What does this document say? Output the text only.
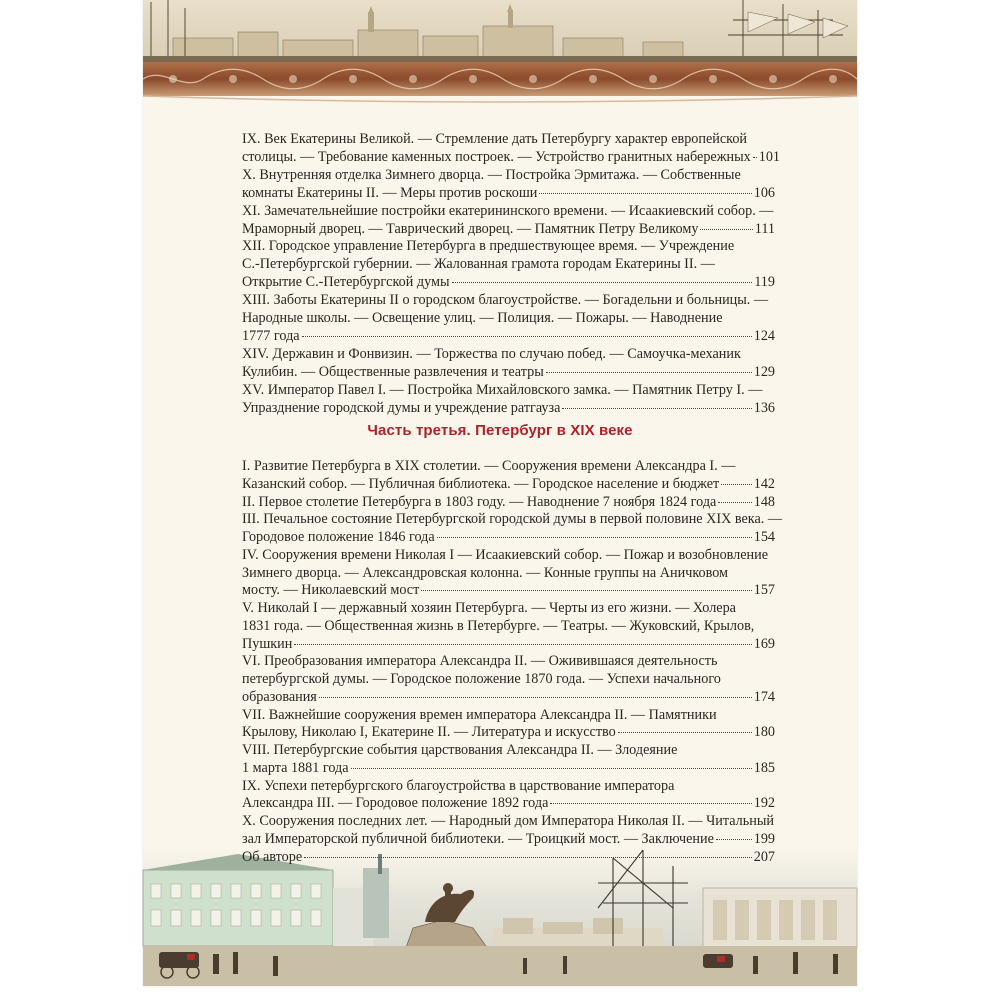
IX. Век Екатерины Великой. — Стремление дать Петербургу характер европейской
столицы. — Требование каменных построек. — Устройство гранитных набережных 101
X. Внутренняя отделка Зимнего дворца. — Постройка Эрмитажа. — Собственные
комнаты Екатерины II. — Меры против роскоши	106
XI. Замечательнейшие постройки екатерининского времени. — Исаакиевский собор. —
Мраморный дворец. — Таврический дворец. — Памятник Петру Великому	111
XII. Городское управление Петербурга в предшествующее время. — Учреждение
С.-Петербургской губернии. — Жалованная грамота городам Екатерины II. —
Открытие С.-Петербургской думы	119
XIII. Заботы Екатерины II о городском благоустройстве. — Богадельни и больницы. —
Народные школы. — Освещение улиц. — Полиция. — Пожары. — Наводнение
1777 года	124
XIV. Державин и Фонвизин. — Торжества по случаю побед. — Самоучка-механик
Кулибин. — Общественные развлечения и театры	129
XV. Император Павел I. — Постройка Михайловского замка. — Памятник Петру I. —
Упразднение городской думы и учреждение ратгауза	136
I. Развитие Петербурга в XIX столетии. — Сооружения времени Александра I. —
Казанский собор. — Публичная библиотека. — Городское население и бюджет 142
II. Первое столетие Петербурга в 1803 году. — Наводнение 7 ноября 1824 года	148
III. Печальное состояние Петербургской городской думы в первой половине XIX века. —
Городовое положение 1846 года	154
IV. Сооружения времени Николая I — Исаакиевский собор. — Пожар и возобновление
Зимнего дворца. — Александровская колонна. — Конные группы на Аничковом
мосту. — Николаевский мост	157
V. Николай I — державный хозяин Петербурга. — Черты из его жизни. — Холера
1831 года. — Общественная жизнь в Петербурге. — Театры. — Жуковский, Крылов,
Пушкин	169
VI. Преобразования императора Александра II. — Оживившаяся деятельность
петербургской думы. — Городское положение 1870 года. — Успехи начального
образования	174
VII. Важнейшие сооружения времен императора Александра II. — Памятники
Крылову, Николаю I, Екатерине II. — Литература и искусство	180
VIII. Петербургские события царствования Александра II. — Злодеяние
1 марта 1881 года	185
IX. Успехи петербургского благоустройства в царствование императора
Александра III. — Городовое положение 1892 года	192
X. Сооружения последних лет. — Народный дом Императора Николая II. — Читальный
зал Императорской публичной библиотеки. — Троицкий мост. — Заключение	199
Об авторе	207
Часть третья. Петербург в XIX веке
